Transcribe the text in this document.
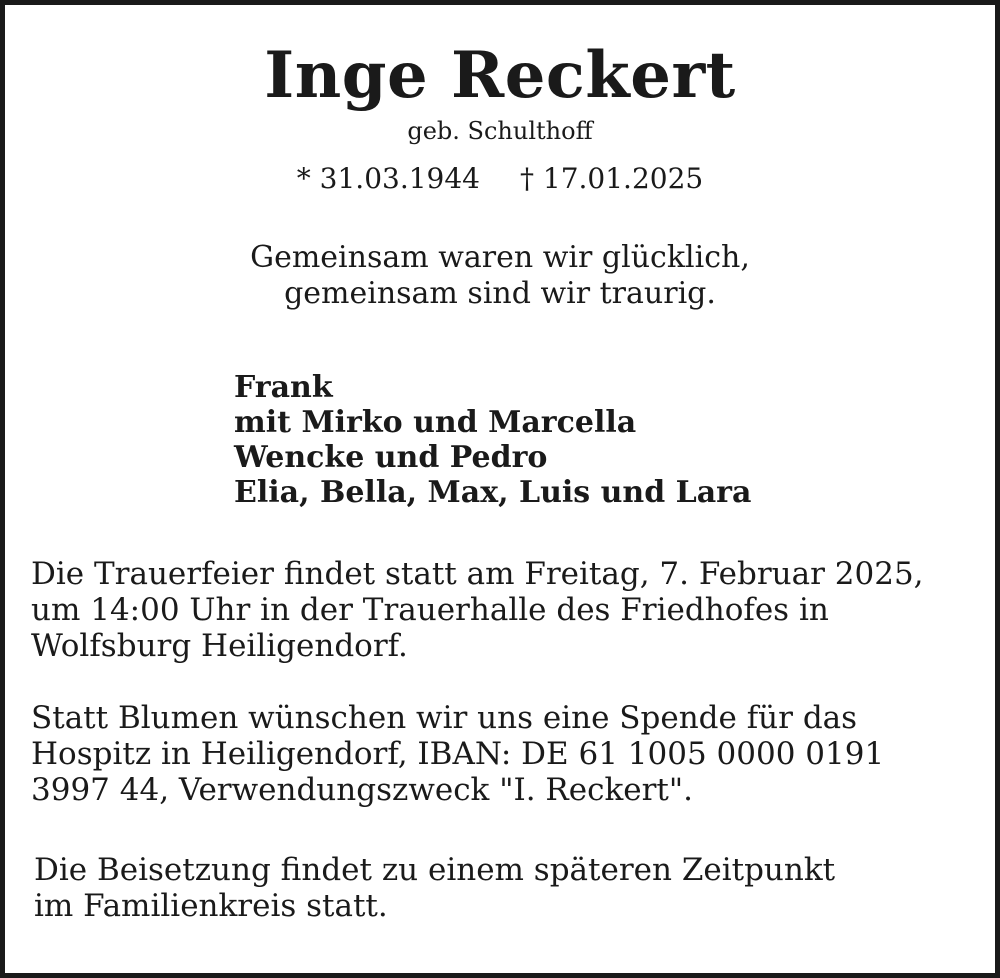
Inge Reckert
geb. Schulthoff
* 31.03.1944 † 17.01.2025
Gemeinsam waren wir glücklich,
gemeinsam sind wir traurig.
Frank
mit Mirko und Marcella
Wencke und Pedro
Elia, Bella, Max, Luis und Lara
Die Trauerfeier findet statt am Freitag, 7. Februar 2025,
um 14:00 Uhr in der Trauerhalle des Friedhofes in
Wolfsburg Heiligendorf.
Statt Blumen wünschen wir uns eine Spende für das
Hospitz in Heiligendorf, IBAN: DE 61 1005 0000 0191
3997 44, Verwendungszweck "I. Reckert".
Die Beisetzung findet zu einem späteren Zeitpunkt
im Familienkreis statt.
